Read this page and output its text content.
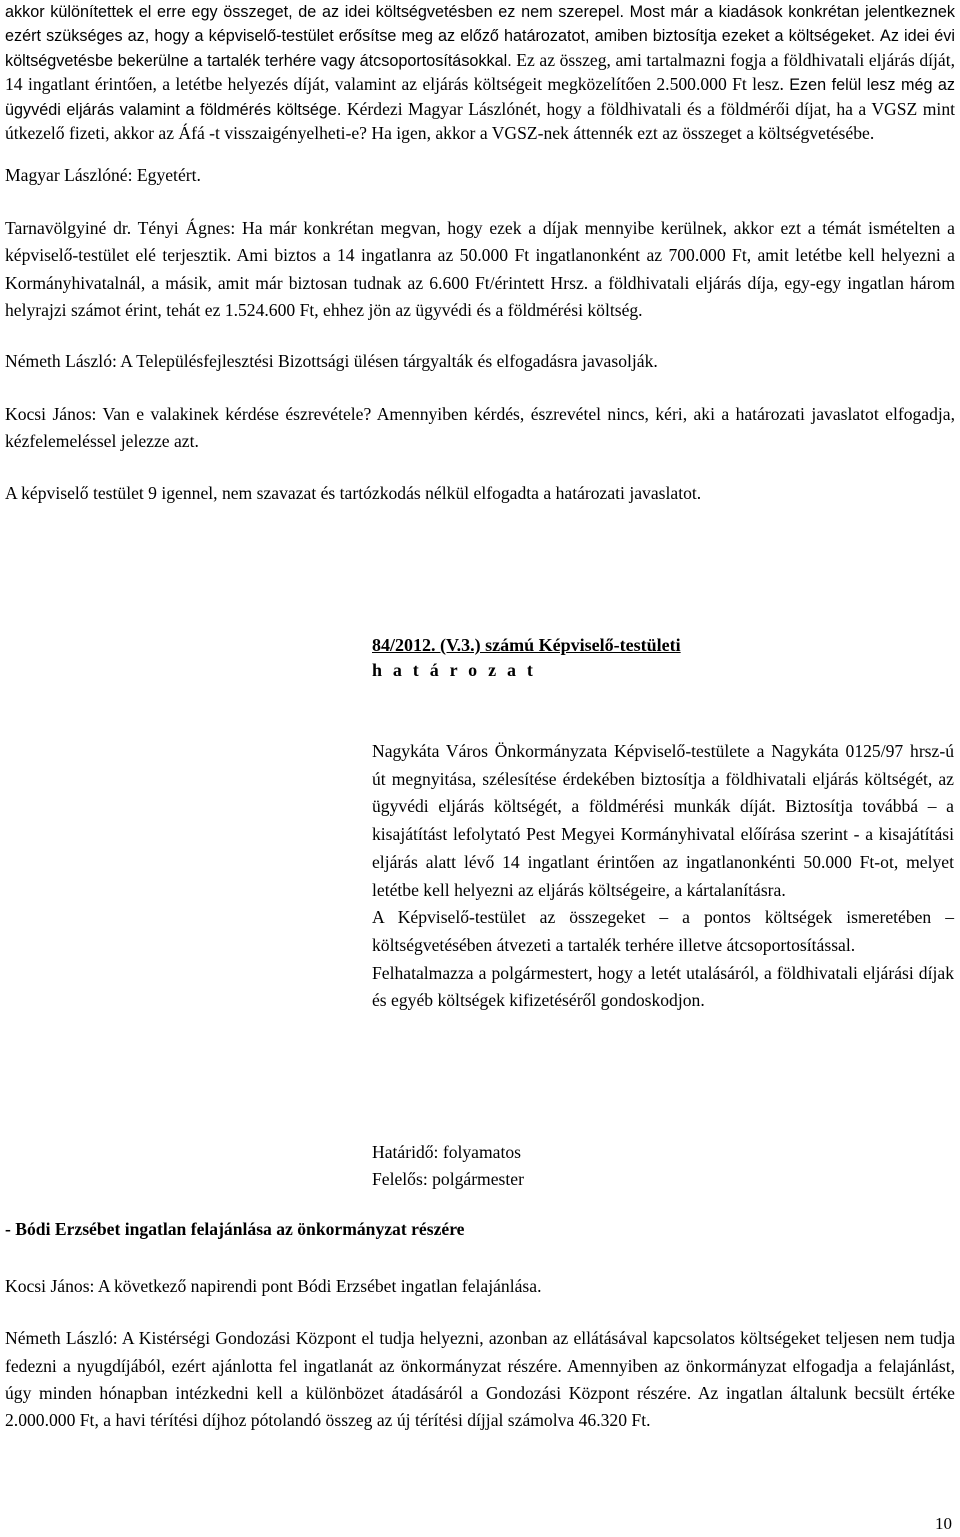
akkor különítettek el erre egy összeget, de az idei költségvetésben ez nem szerepel. Most már a kiadások konkrétan jelentkeznek ezért szükséges az, hogy a képviselő-testület erősítse meg az előző határozatot, amiben biztosítja ezeket a költségeket. Az idei évi költségvetésbe bekerülne a tartalék terhére vagy átcsoportosításokkal. Ez az összeg, ami tartalmazni fogja a földhivatali eljárás díját, 14 ingatlant érintően, a letétbe helyezés díját, valamint az eljárás költségeit megközelítően 2.500.000 Ft lesz. Ezen felül lesz még az ügyvédi eljárás valamint a földmérés költsége. Kérdezi Magyar Lászlónét, hogy a földhivatali és a földmérői díjat, ha a VGSZ mint útkezelő fizeti, akkor az Áfá -t visszaigényelheti-e? Ha igen, akkor a VGSZ-nek áttennék ezt az összeget a költségvetésébe.

Magyar Lászlóné: Egyetért.

Tarnavölgyiné dr. Tényi Ágnes: Ha már konkrétan megvan, hogy ezek a díjak mennyibe kerülnek, akkor ezt a témát ismételten a képviselő-testület elé terjesztik. Ami biztos a 14 ingatlanra az 50.000 Ft ingatlanonként az 700.000 Ft, amit letétbe kell helyezni a Kormányhivatalnál, a másik, amit már biztosan tudnak az 6.600 Ft/érintett Hrsz. a földhivatali eljárás díja, egy-egy ingatlan három helyrajzi számot érint, tehát ez 1.524.600 Ft, ehhez jön az ügyvédi és a földmérési költség.

Németh László: A Településfejlesztési Bizottsági ülésen tárgyalták és elfogadásra javasolják.

Kocsi János: Van e valakinek kérdése észrevétele? Amennyiben kérdés, észrevétel nincs, kéri, aki a határozati javaslatot elfogadja, kézfelemeléssel jelezze azt.

A képviselő testület 9 igennel, nem szavazat és tartózkodás nélkül elfogadta a határozati javaslatot.

84/2012. (V.3.) számú Képviselő-testületi
h a t á r o z a t

Nagykáta Város Önkormányzata Képviselő-testülete a Nagykáta 0125/97 hrsz-ú út megnyitása, szélesítése érdekében biztosítja a földhivatali eljárás költségét, az ügyvédi eljárás költségét, a földmérési munkák díját. Biztosítja továbbá – a kisajátítást lefolytató Pest Megyei Kormányhivatal előírása szerint - a kisajátítási eljárás alatt lévő 14 ingatlant érintően az ingatlanonkénti 50.000 Ft-ot, melyet letétbe kell helyezni az eljárás költségeire, a kártalanításra.

A Képviselő-testület az összegeket – a pontos költségek ismeretében – költségvetésében átvezeti a tartalék terhére illetve átcsoportosítással.

Felhatalmazza a polgármestert, hogy a letét utalásáról, a földhivatali eljárási díjak és egyéb költségek kifizetéséről gondoskodjon.

Határidő: folyamatos
Felelős: polgármester

- Bódi Erzsébet ingatlan felajánlása az önkormányzat részére

Kocsi János: A következő napirendi pont Bódi Erzsébet ingatlan felajánlása.

Németh László: A Kistérségi Gondozási Központ el tudja helyezni, azonban az ellátásával kapcsolatos költségeket teljesen nem tudja fedezni a nyugdíjából, ezért ajánlotta fel ingatlanát az önkormányzat részére. Amennyiben az önkormányzat elfogadja a felajánlást, úgy minden hónapban intézkedni kell a különbözet átadásáról a Gondozási Központ részére. Az ingatlan általunk becsült értéke 2.000.000 Ft, a havi térítési díjhoz pótolandó összeg az új térítési díjjal számolva 46.320 Ft.

10
